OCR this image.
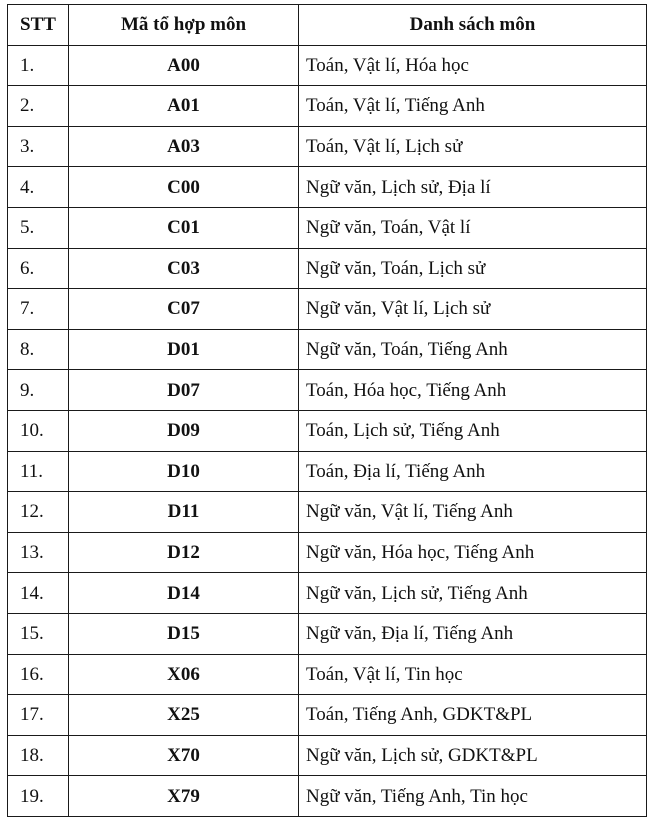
STT	Mã tổ hợp môn	Danh sách môn
1.	A00	Toán, Vật lí, Hóa học
2.	A01	Toán, Vật lí, Tiếng Anh
3.	A03	Toán, Vật lí, Lịch sử
4.	C00	Ngữ văn, Lịch sử, Địa lí
5.	C01	Ngữ văn, Toán, Vật lí
6.	C03	Ngữ văn, Toán, Lịch sử
7.	C07	Ngữ văn, Vật lí, Lịch sử
8.	D01	Ngữ văn, Toán, Tiếng Anh
9.	D07	Toán, Hóa học, Tiếng Anh
10.	D09	Toán, Lịch sử, Tiếng Anh
11.	D10	Toán, Địa lí, Tiếng Anh
12.	D11	Ngữ văn, Vật lí, Tiếng Anh
13.	D12	Ngữ văn, Hóa học, Tiếng Anh
14.	D14	Ngữ văn, Lịch sử, Tiếng Anh
15.	D15	Ngữ văn, Địa lí, Tiếng Anh
16.	X06	Toán, Vật lí, Tin học
17.	X25	Toán, Tiếng Anh, GDKT&PL
18.	X70	Ngữ văn, Lịch sử, GDKT&PL
19.	X79	Ngữ văn, Tiếng Anh, Tin học
